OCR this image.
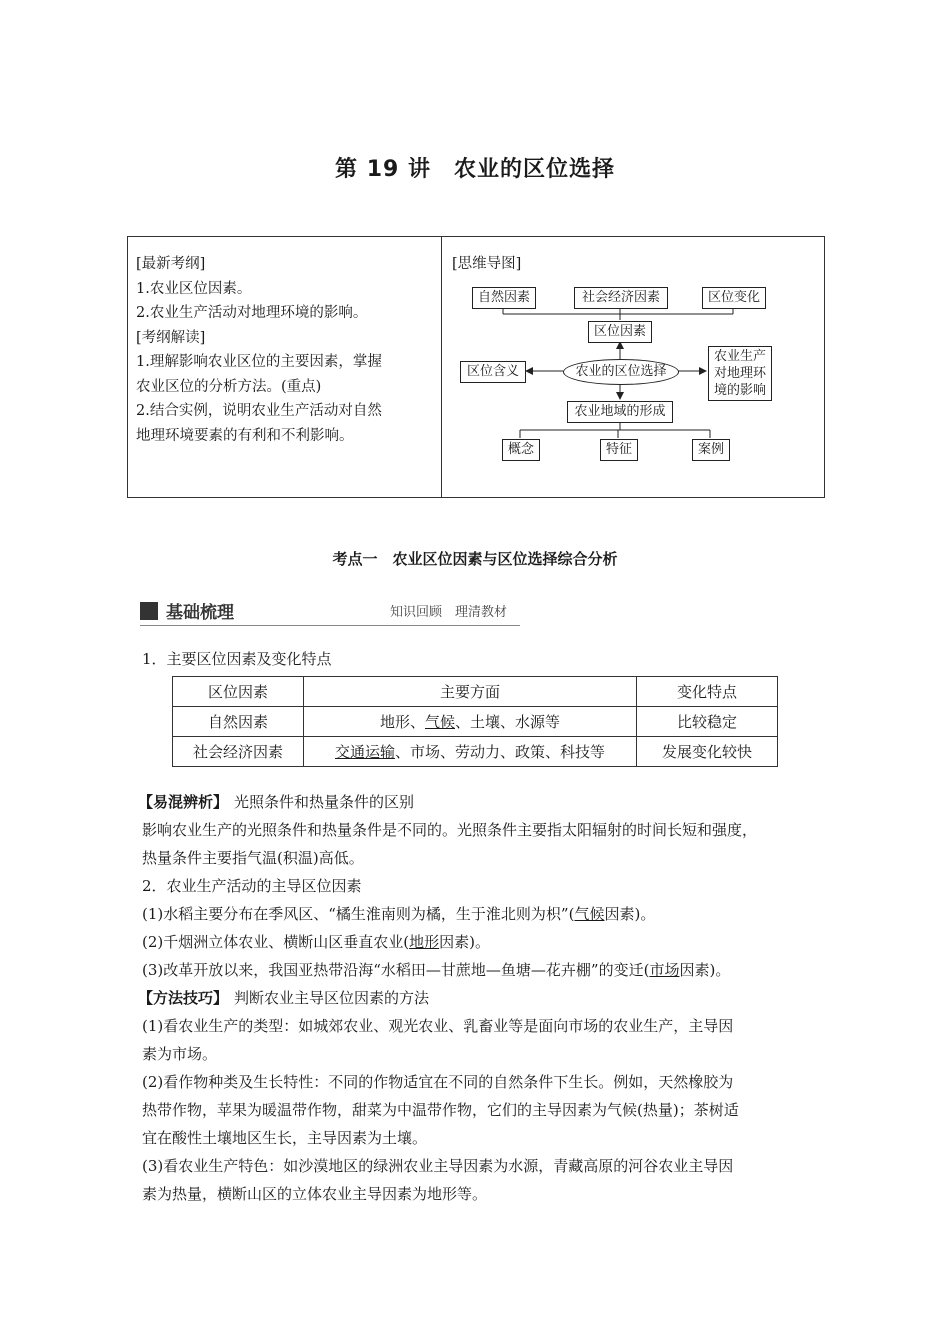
第 19 讲　农业的区位选择
[最新考纲]
1.农业区位因素。
2.农业生产活动对地理环境的影响。
[考纲解读]
1.理解影响农业区位的主要因素，掌握
农业区位的分析方法。(重点)
2.结合实例，说明农业生产活动对自然
地理环境要素的有利和不利影响。
[思维导图]
自然因素	社会经济因素	区位变化
区位因素
区位含义	农业的区位选择
农业生产
对地理环
境的影响
农业地域的形成
概念	特征	案例
考点一　农业区位因素与区位选择综合分析
基础梳理	知识回顾　理清教材
1．主要区位因素及变化特点
区位因素	主要方面	变化特点
自然因素	地形、气候、土壤、水源等	比较稳定
社会经济因素	交通运输、市场、劳动力、政策、科技等	发展变化较快
【易混辨析】 光照条件和热量条件的区别
影响农业生产的光照条件和热量条件是不同的。光照条件主要指太阳辐射的时间长短和强度，
热量条件主要指气温(积温)高低。
2．农业生产活动的主导区位因素
(1)水稻主要分布在季风区、“橘生淮南则为橘，生于淮北则为枳”(气候因素)。
(2)千烟洲立体农业、横断山区垂直农业(地形因素)。
(3)改革开放以来，我国亚热带沿海“水稻田—甘蔗地—鱼塘—花卉棚”的变迁(市场因素)。
【方法技巧】 判断农业主导区位因素的方法
(1)看农业生产的类型：如城郊农业、观光农业、乳畜业等是面向市场的农业生产，主导因
素为市场。
(2)看作物种类及生长特性：不同的作物适宜在不同的自然条件下生长。例如，天然橡胶为
热带作物，苹果为暖温带作物，甜菜为中温带作物，它们的主导因素为气候(热量)；茶树适
宜在酸性土壤地区生长，主导因素为土壤。
(3)看农业生产特色：如沙漠地区的绿洲农业主导因素为水源，青藏高原的河谷农业主导因
素为热量，横断山区的立体农业主导因素为地形等。
